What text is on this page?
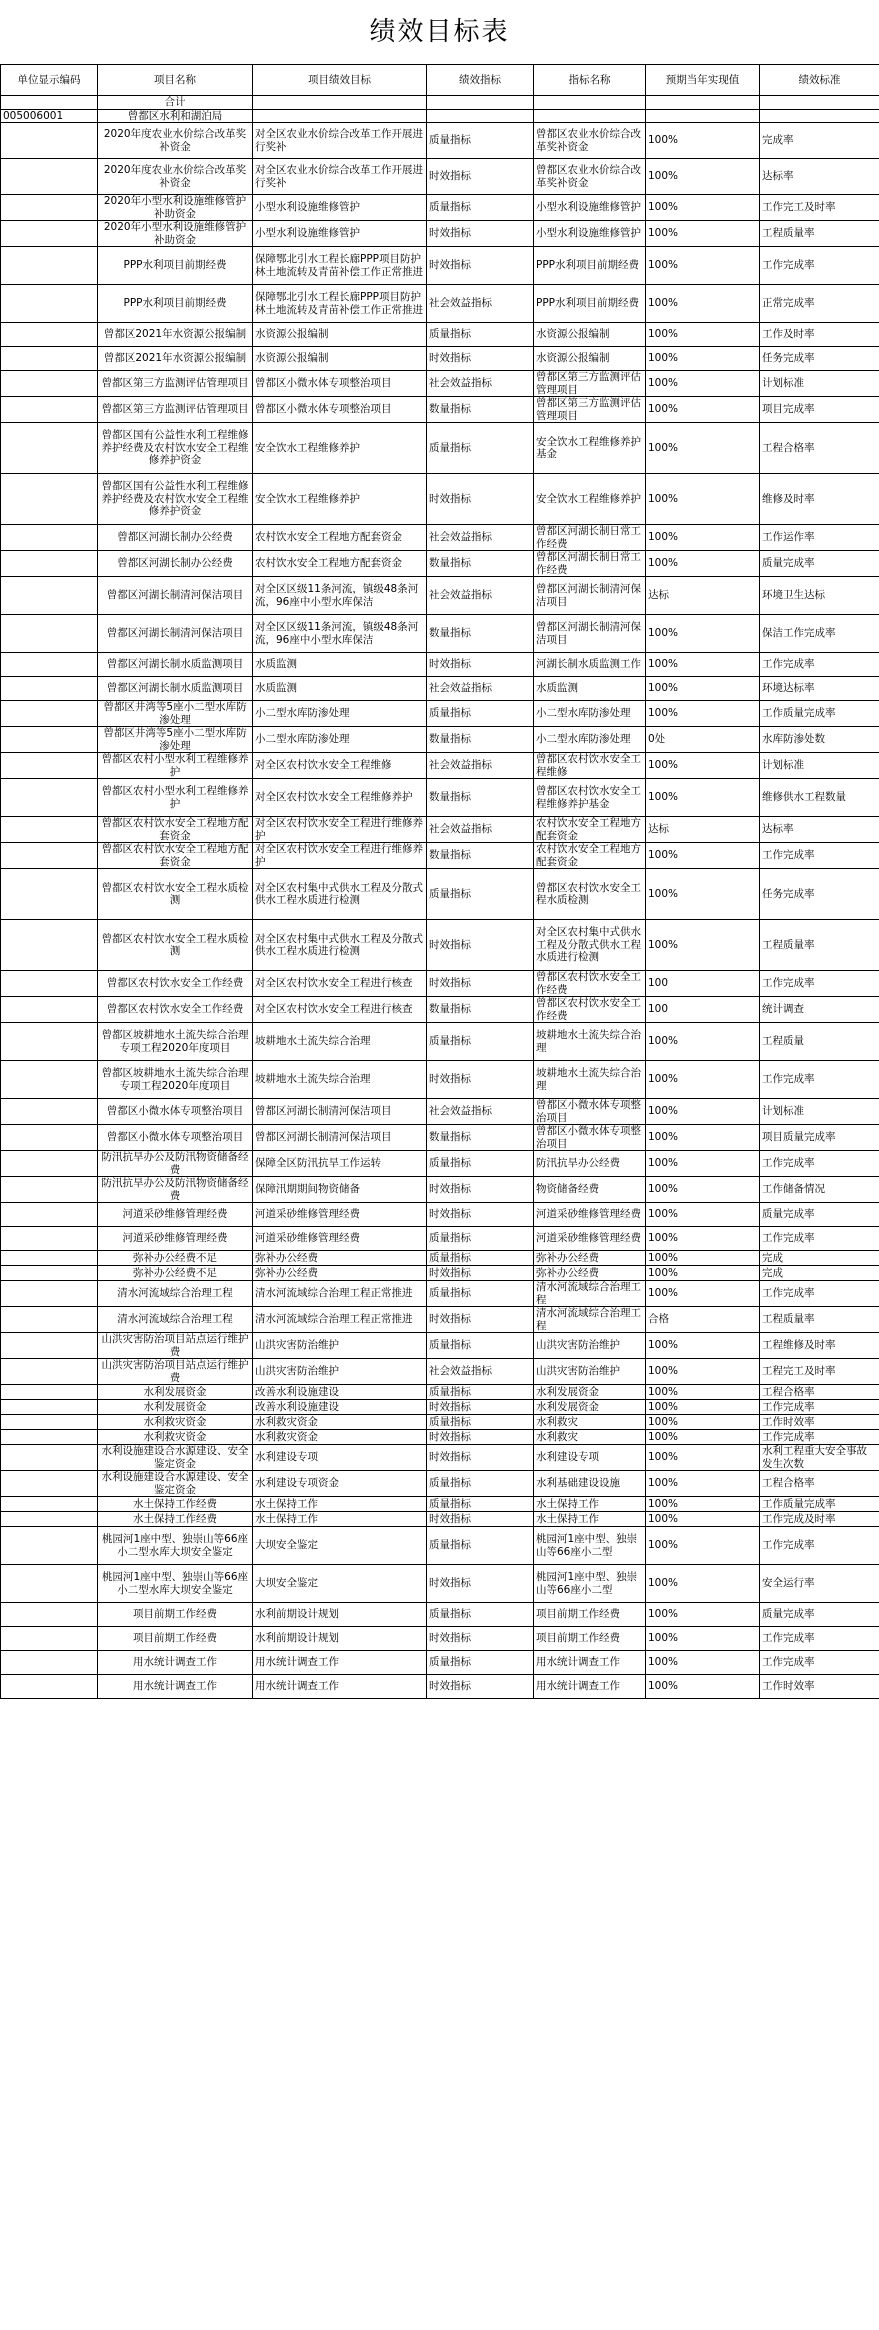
绩效目标表
单位显示编码	项目名称	项目绩效目标	绩效指标	指标名称	预期当年实现值	绩效标准
	合计					
005006001	曾都区水利和湖泊局					
	2020年度农业水价综合改革奖补资金	对全区农业水价综合改革工作开展进行奖补	质量指标	曾都区农业水价综合改革奖补资金	100%	完成率
	2020年度农业水价综合改革奖补资金	对全区农业水价综合改革工作开展进行奖补	时效指标	曾都区农业水价综合改革奖补资金	100%	达标率
	2020年小型水利设施维修管护补助资金	小型水利设施维修管护	质量指标	小型水利设施维修管护	100%	工作完工及时率
	2020年小型水利设施维修管护补助资金	小型水利设施维修管护	时效指标	小型水利设施维修管护	100%	工程质量率
	PPP水利项目前期经费	保障鄂北引水工程长廊PPP项目防护林土地流转及青苗补偿工作正常推进	时效指标	PPP水利项目前期经费	100%	工作完成率
	PPP水利项目前期经费	保障鄂北引水工程长廊PPP项目防护林土地流转及青苗补偿工作正常推进	社会效益指标	PPP水利项目前期经费	100%	正常完成率
	曾都区2021年水资源公报编制	水资源公报编制	质量指标	水资源公报编制	100%	工作及时率
	曾都区2021年水资源公报编制	水资源公报编制	时效指标	水资源公报编制	100%	任务完成率
	曾都区第三方监测评估管理项目	曾都区小微水体专项整治项目	社会效益指标	曾都区第三方监测评估管理项目	100%	计划标准
	曾都区第三方监测评估管理项目	曾都区小微水体专项整治项目	数量指标	曾都区第三方监测评估管理项目	100%	项目完成率
	曾都区国有公益性水利工程维修养护经费及农村饮水安全工程维修养护资金	安全饮水工程维修养护	质量指标	安全饮水工程维修养护基金	100%	工程合格率
	曾都区国有公益性水利工程维修养护经费及农村饮水安全工程维修养护资金	安全饮水工程维修养护	时效指标	安全饮水工程维修养护	100%	维修及时率
	曾都区河湖长制办公经费	农村饮水安全工程地方配套资金	社会效益指标	曾都区河湖长制日常工作经费	100%	工作运作率
	曾都区河湖长制办公经费	农村饮水安全工程地方配套资金	数量指标	曾都区河湖长制日常工作经费	100%	质量完成率
	曾都区河湖长制清河保洁项目	对全区区级11条河流，镇级48条河流，96座中小型水库保洁	社会效益指标	曾都区河湖长制清河保洁项目	达标	环境卫生达标
	曾都区河湖长制清河保洁项目	对全区区级11条河流，镇级48条河流，96座中小型水库保洁	数量指标	曾都区河湖长制清河保洁项目	100%	保洁工作完成率
	曾都区河湖长制水质监测项目	水质监测	时效指标	河湖长制水质监测工作	100%	工作完成率
	曾都区河湖长制水质监测项目	水质监测	社会效益指标	水质监测	100%	环境达标率
	曾都区井湾等5座小二型水库防渗处理	小二型水库防渗处理	质量指标	小二型水库防渗处理	100%	工作质量完成率
	曾都区井湾等5座小二型水库防渗处理	小二型水库防渗处理	数量指标	小二型水库防渗处理	0处	水库防渗处数
	曾都区农村小型水利工程维修养护	对全区农村饮水安全工程维修	社会效益指标	曾都区农村饮水安全工程维修	100%	计划标准
	曾都区农村小型水利工程维修养护	对全区农村饮水安全工程维修养护	数量指标	曾都区农村饮水安全工程维修养护基金	100%	维修供水工程数量
	曾都区农村饮水安全工程地方配套资金	对全区农村饮水安全工程进行维修养护	社会效益指标	农村饮水安全工程地方配套资金	达标	达标率
	曾都区农村饮水安全工程地方配套资金	对全区农村饮水安全工程进行维修养护	数量指标	农村饮水安全工程地方配套资金	100%	工作完成率
	曾都区农村饮水安全工程水质检测	对全区农村集中式供水工程及分散式供水工程水质进行检测	质量指标	曾都区农村饮水安全工程水质检测	100%	任务完成率
	曾都区农村饮水安全工程水质检测	对全区农村集中式供水工程及分散式供水工程水质进行检测	时效指标	对全区农村集中式供水工程及分散式供水工程水质进行检测	100%	工程质量率
	曾都区农村饮水安全工作经费	对全区农村饮水安全工程进行核查	时效指标	曾都区农村饮水安全工作经费	100	工作完成率
	曾都区农村饮水安全工作经费	对全区农村饮水安全工程进行核查	数量指标	曾都区农村饮水安全工作经费	100	统计调查
	曾都区坡耕地水土流失综合治理专项工程2020年度项目	坡耕地水土流失综合治理	质量指标	坡耕地水土流失综合治理	100%	工程质量
	曾都区坡耕地水土流失综合治理专项工程2020年度项目	坡耕地水土流失综合治理	时效指标	坡耕地水土流失综合治理	100%	工作完成率
	曾都区小微水体专项整治项目	曾都区河湖长制清河保洁项目	社会效益指标	曾都区小微水体专项整治项目	100%	计划标准
	曾都区小微水体专项整治项目	曾都区河湖长制清河保洁项目	数量指标	曾都区小微水体专项整治项目	100%	项目质量完成率
	防汛抗旱办公及防汛物资储备经费	保障全区防汛抗旱工作运转	质量指标	防汛抗旱办公经费	100%	工作完成率
	防汛抗旱办公及防汛物资储备经费	保障汛期期间物资储备	时效指标	物资储备经费	100%	工作储备情况
	河道采砂维修管理经费	河道采砂维修管理经费	时效指标	河道采砂维修管理经费	100%	质量完成率
	河道采砂维修管理经费	河道采砂维修管理经费	质量指标	河道采砂维修管理经费	100%	工作完成率
	弥补办公经费不足	弥补办公经费	质量指标	弥补办公经费	100%	完成
	弥补办公经费不足	弥补办公经费	时效指标	弥补办公经费	100%	完成
	清水河流域综合治理工程	清水河流域综合治理工程正常推进	质量指标	清水河流域综合治理工程	100%	工作完成率
	清水河流域综合治理工程	清水河流域综合治理工程正常推进	时效指标	清水河流域综合治理工程	合格	工程质量率
	山洪灾害防治项目站点运行维护费	山洪灾害防治维护	质量指标	山洪灾害防治维护	100%	工程维修及时率
	山洪灾害防治项目站点运行维护费	山洪灾害防治维护	社会效益指标	山洪灾害防治维护	100%	工程完工及时率
	水利发展资金	改善水利设施建设	质量指标	水利发展资金	100%	工程合格率
	水利发展资金	改善水利设施建设	时效指标	水利发展资金	100%	工作完成率
	水利救灾资金	水利救灾资金	质量指标	水利救灾	100%	工作时效率
	水利救灾资金	水利救灾资金	时效指标	水利救灾	100%	工作完成率
	水利设施建设合水源建设、安全鉴定资金	水利建设专项	时效指标	水利建设专项	100%	水利工程重大安全事故发生次数
	水利设施建设合水源建设、安全鉴定资金	水利建设专项资金	质量指标	水利基础建设设施	100%	工程合格率
	水土保持工作经费	水土保持工作	质量指标	水土保持工作	100%	工作质量完成率
	水土保持工作经费	水土保持工作	时效指标	水土保持工作	100%	工作完成及时率
	桃园河1座中型、独崇山等66座小二型水库大坝安全鉴定	大坝安全鉴定	质量指标	桃园河1座中型、独崇山等66座小二型	100%	工作完成率
	桃园河1座中型、独崇山等66座小二型水库大坝安全鉴定	大坝安全鉴定	时效指标	桃园河1座中型、独崇山等66座小二型	100%	安全运行率
	项目前期工作经费	水利前期设计规划	质量指标	项目前期工作经费	100%	质量完成率
	项目前期工作经费	水利前期设计规划	时效指标	项目前期工作经费	100%	工作完成率
	用水统计调查工作	用水统计调查工作	质量指标	用水统计调查工作	100%	工作完成率
	用水统计调查工作	用水统计调查工作	时效指标	用水统计调查工作	100%	工作时效率
